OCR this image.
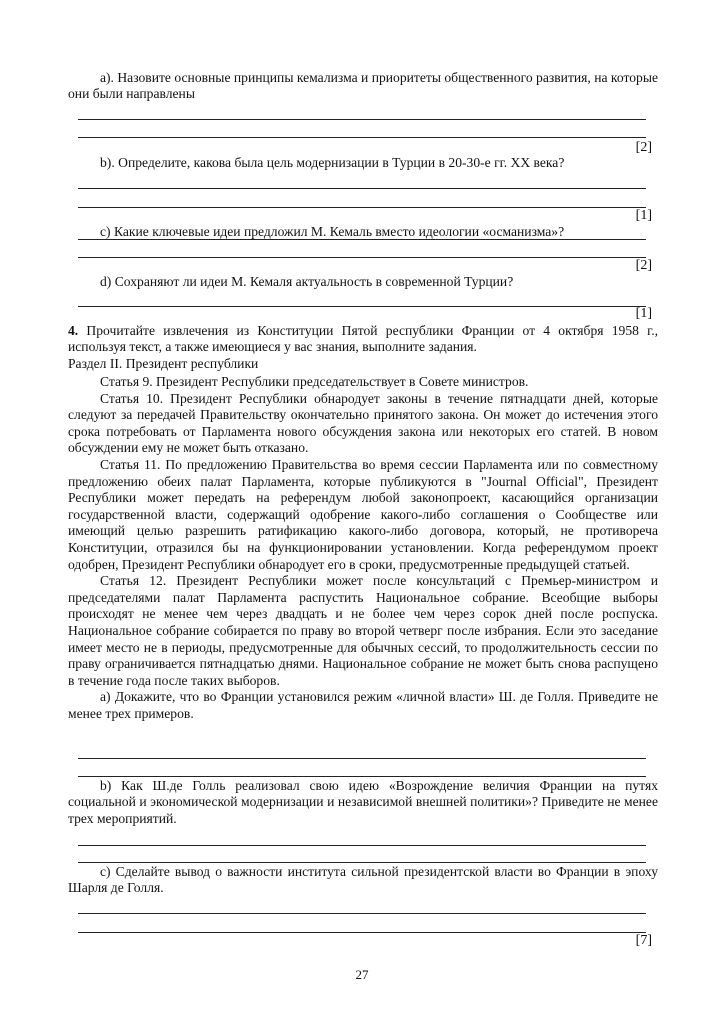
а). Назовите основные принципы кемализма и приоритеты общественного развития, на которые они были направлены
[2]
b). Определите, какова была цель модернизации в Турции в 20-30-е гг. XX века?
[1]
с) Какие ключевые идеи предложил М. Кемаль вместо идеологии «османизма»?
[2]
d) Сохраняют ли идеи М. Кемаля актуальность в современной Турции?
[1]
4. Прочитайте извлечения из Конституции Пятой республики Франции от 4 октября 1958 г., используя текст, а также имеющиеся у вас знания, выполните задания.
Раздел II. Президент республики

Статья 9. Президент Республики председательствует в Совете министров.

Статья 10. Президент Республики обнародует законы в течение пятнадцати дней, которые следуют за передачей Правительству окончательно принятого закона. Он может до истечения этого срока потребовать от Парламента нового обсуждения закона или некоторых его статей. В новом обсуждении ему не может быть отказано.

Статья 11. По предложению Правительства во время сессии Парламента или по совместному предложению обеих палат Парламента, которые публикуются в "Journal Official", Президент Республики может передать на референдум любой законопроект, касающийся организации государственной власти, содержащий одобрение какого-либо соглашения о Сообществе или имеющий целью разрешить ратификацию какого-либо договора, который, не противореча Конституции, отразился бы на функционировании установлении. Когда референдумом проект одобрен, Президент Республики обнародует его в сроки, предусмотренные предыдущей статьей.

Статья 12. Президент Республики может после консультаций с Премьер-министром и председателями палат Парламента распустить Национальное собрание. Всеобщие выборы происходят не менее чем через двадцать и не более чем через сорок дней после роспуска. Национальное собрание собирается по праву во второй четверг после избрания. Если это заседание имеет место не в периоды, предусмотренные для обычных сессий, то продолжительность сессии по праву ограничивается пятнадцатью днями. Национальное собрание не может быть снова распущено в течение года после таких выборов.

а) Докажите, что во Франции установился режим «личной власти» Ш. де Голля. Приведите не менее трех примеров.

b) Как Ш.де Голль реализовал свою идею «Возрождение величия Франции на путях социальной и экономической модернизации и независимой внешней политики»? Приведите не менее трех мероприятий.
с) Сделайте вывод о важности института сильной президентской власти во Франции в эпоху Шарля де Голля.
[7]
27
